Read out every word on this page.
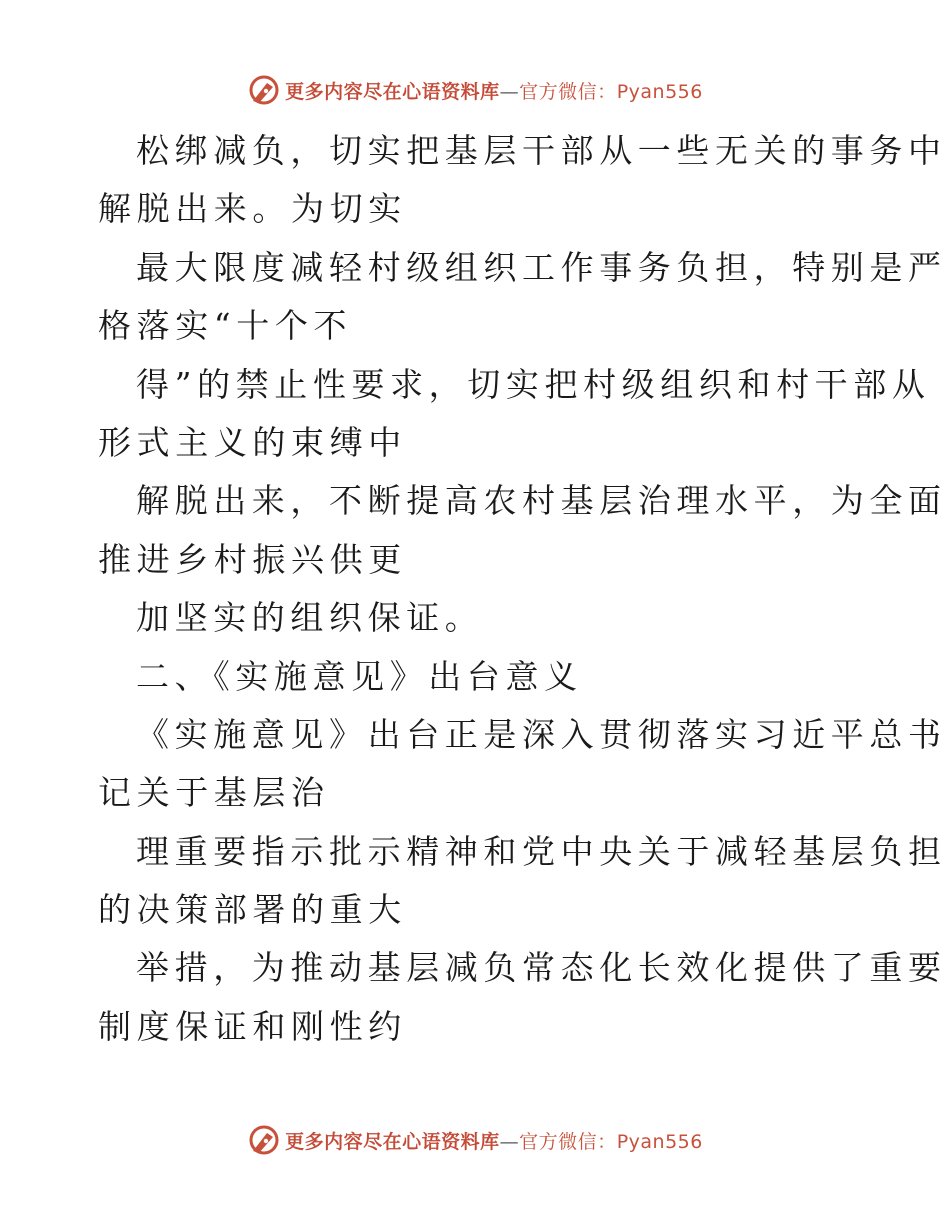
更多内容尽在心语资料库—官方微信：Pyan556
松绑减负，切实把基层干部从一些无关的事务中
解脱出来。为切实
最大限度减轻村级组织工作事务负担，特别是严
格落实“十个不
得”的禁止性要求，切实把村级组织和村干部从
形式主义的束缚中
解脱出来，不断提高农村基层治理水平，为全面
推进乡村振兴供更
加坚实的组织保证。
二、《实施意见》出台意义
《实施意见》出台正是深入贯彻落实习近平总书
记关于基层治
理重要指示批示精神和党中央关于减轻基层负担
的决策部署的重大
举措，为推动基层减负常态化长效化提供了重要
制度保证和刚性约
更多内容尽在心语资料库—官方微信：Pyan556
